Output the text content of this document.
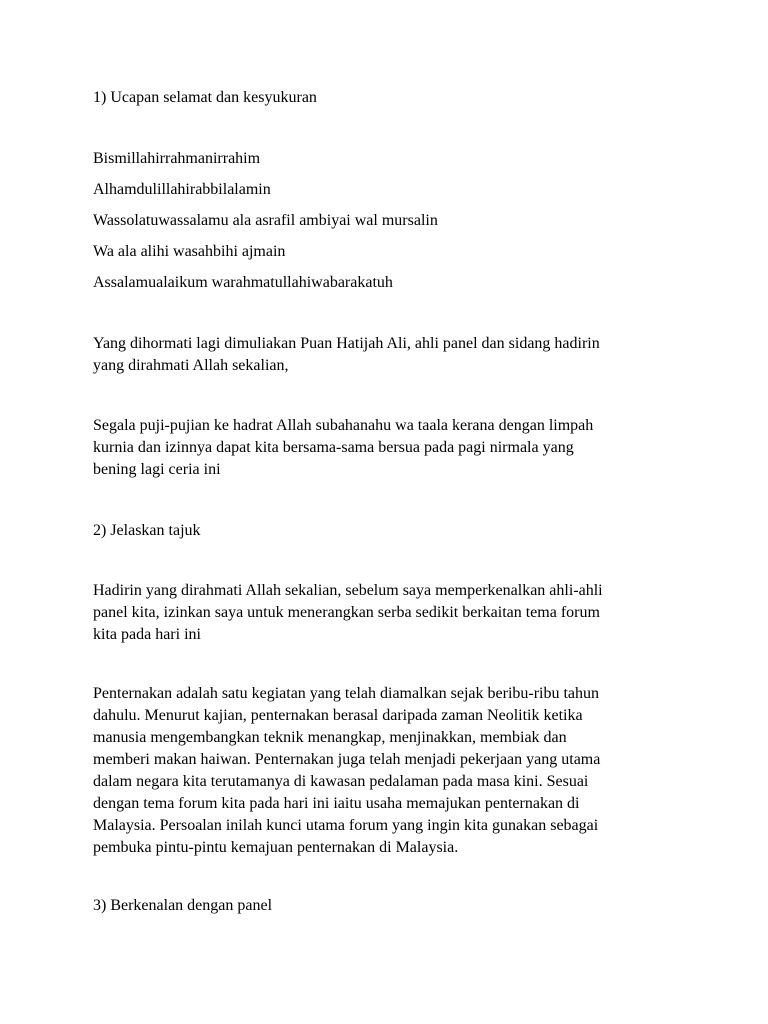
1) Ucapan selamat dan kesyukuran
Bismillahirrahmanirrahim
Alhamdulillahirabbilalamin
Wassolatuwassalamu ala asrafil ambiyai wal mursalin
Wa ala alihi wasahbihi ajmain
Assalamualaikum warahmatullahiwabarakatuh
Yang dihormati lagi dimuliakan Puan Hatijah Ali, ahli panel dan sidang hadirin
yang dirahmati Allah sekalian,
Segala puji-pujian ke hadrat Allah subahanahu wa taala kerana dengan limpah
kurnia dan izinnya dapat kita bersama-sama bersua pada pagi nirmala yang
bening lagi ceria ini
2) Jelaskan tajuk
Hadirin yang dirahmati Allah sekalian, sebelum saya memperkenalkan ahli-ahli
panel kita, izinkan saya untuk menerangkan serba sedikit berkaitan tema forum
kita pada hari ini
Penternakan adalah satu kegiatan yang telah diamalkan sejak beribu-ribu tahun
dahulu. Menurut kajian, penternakan berasal daripada zaman Neolitik ketika
manusia mengembangkan teknik menangkap, menjinakkan, membiak dan
memberi makan haiwan. Penternakan juga telah menjadi pekerjaan yang utama
dalam negara kita terutamanya di kawasan pedalaman pada masa kini. Sesuai
dengan tema forum kita pada hari ini iaitu usaha memajukan penternakan di
Malaysia. Persoalan inilah kunci utama forum yang ingin kita gunakan sebagai
pembuka pintu-pintu kemajuan penternakan di Malaysia.
3) Berkenalan dengan panel
